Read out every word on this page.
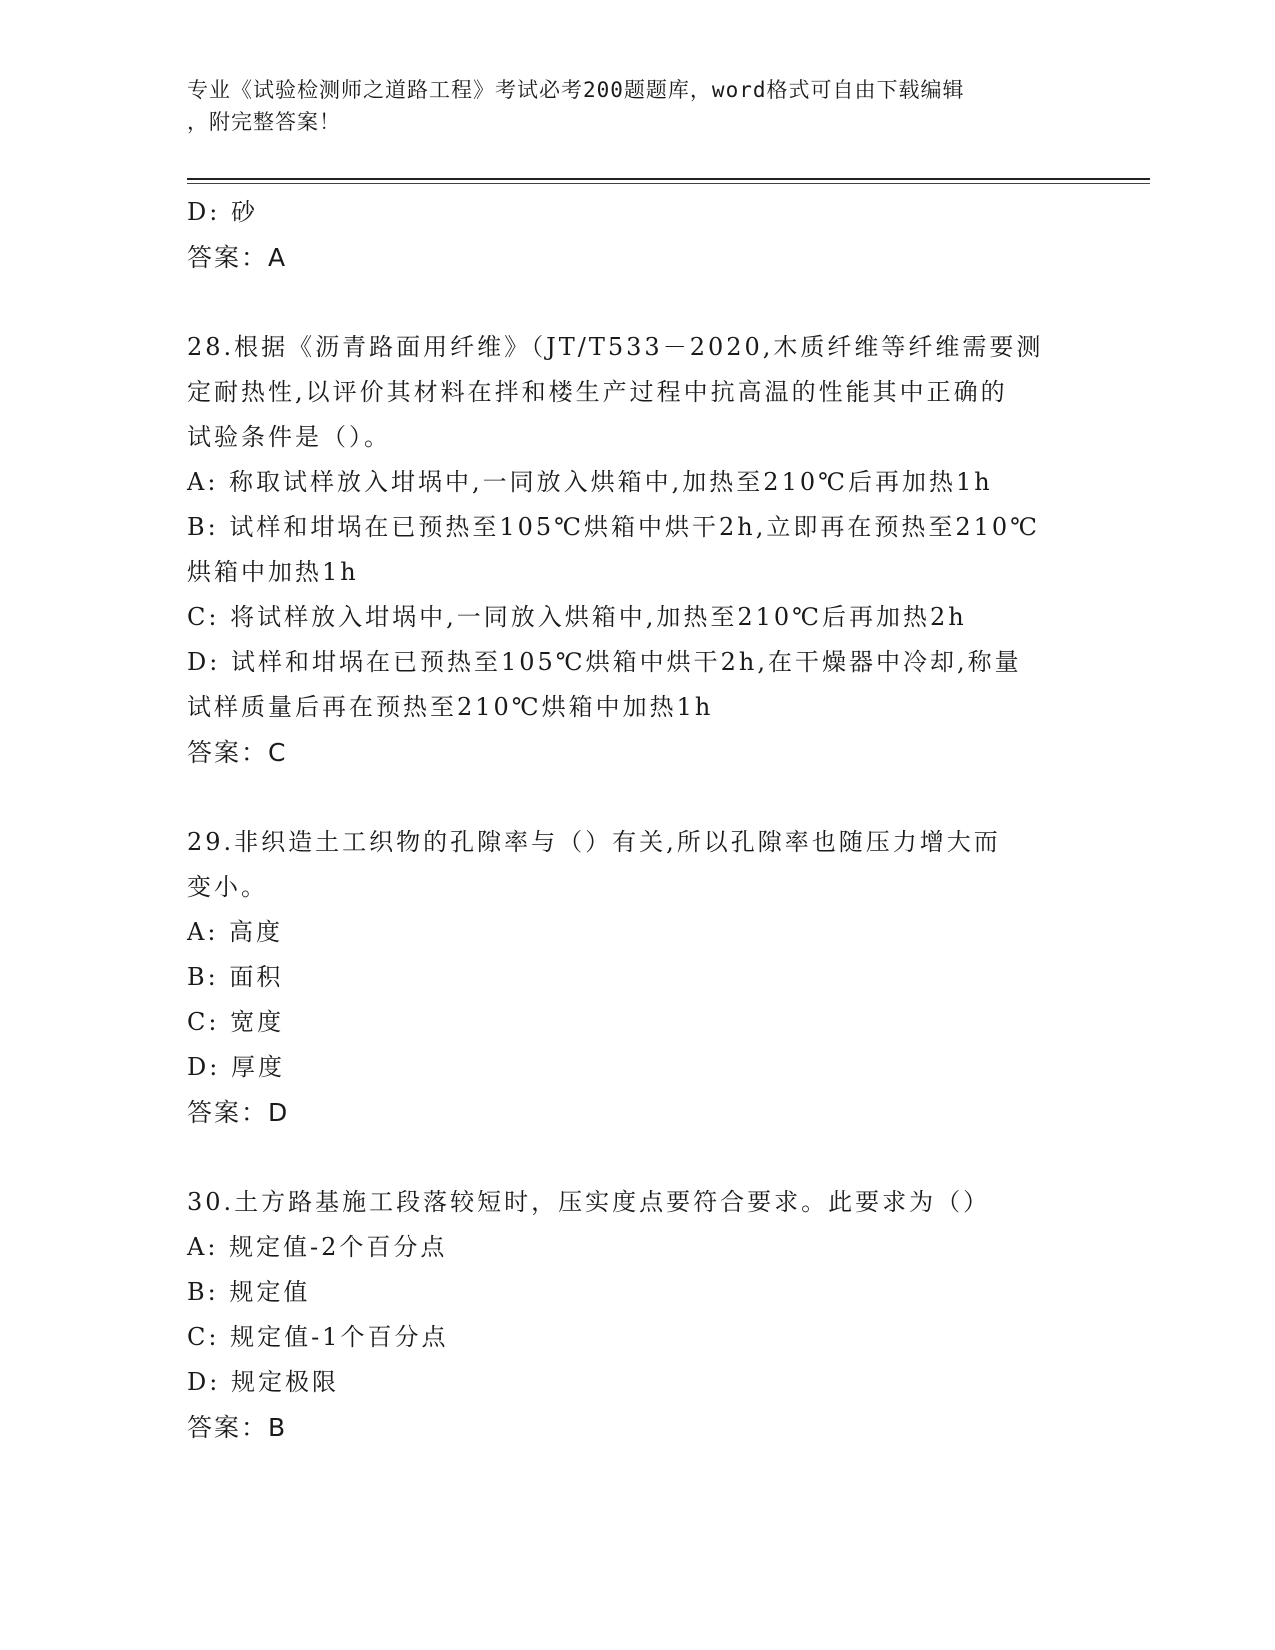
专业《试验检测师之道路工程》考试必考200题题库，word格式可自由下载编辑
，附完整答案！
D: 砂
答案：A
28.根据《沥青路面用纤维》（JT/T533－2020,木质纤维等纤维需要测
定耐热性,以评价其材料在拌和楼生产过程中抗高温的性能其中正确的
试验条件是（）。
A: 称取试样放入坩埚中,一同放入烘箱中,加热至210℃后再加热1h
B: 试样和坩埚在已预热至105℃烘箱中烘干2h,立即再在预热至210℃
烘箱中加热1h
C: 将试样放入坩埚中,一同放入烘箱中,加热至210℃后再加热2h
D: 试样和坩埚在已预热至105℃烘箱中烘干2h,在干燥器中冷却,称量
试样质量后再在预热至210℃烘箱中加热1h
答案：C
29.非织造土工织物的孔隙率与（）有关,所以孔隙率也随压力增大而
变小。
A: 高度
B: 面积
C: 宽度
D: 厚度
答案：D
30.土方路基施工段落较短时，压实度点要符合要求。此要求为（）
A: 规定值-2个百分点
B: 规定值
C: 规定值-1个百分点
D: 规定极限
答案：B
